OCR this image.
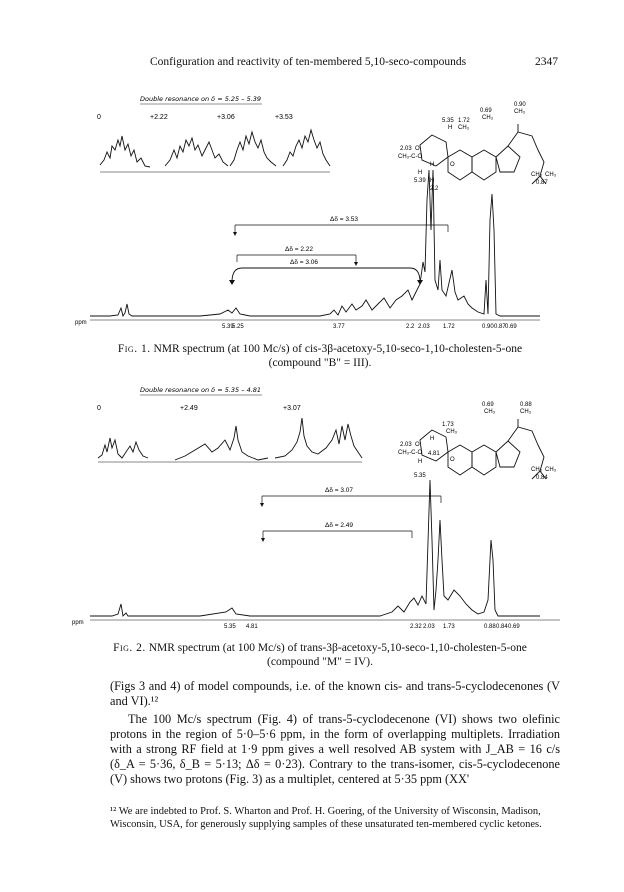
Configuration and reactivity of ten-membered 5,10-seco-compounds	2347
Double resonance on δ = 5.25 – 5.39
0	+2.22	+3.06	+3.53
Δδ = 3.53
Δδ = 2.22
Δδ = 3.06
ppm
5.39
5.25	3.77	2.2 2.03 1.72	0.90 0.87 0.69
0.69
CH₃
0.90
CH₃
5.35 1.72
H CH₃
2.03 O
CH₃-C-O
H
H
O
5.39 H
2.2
CH₃ CH₃
0.87
Double resonance on δ = 5.35 – 4.81
0	+2.49	+3.07
Δδ = 3.07
Δδ = 2.49
ppm
5.35 4.81	2.32 2.03 1.73	0.88 0.84 0.69
0.69
CH₃
0.88
CH₃
1.73
CH₃
H
2.03 O
CH₃-C-O 4.81
H
5.35
O
CH₃ CH₃
0.84
Fig. 1. NMR spectrum (at 100 Mc/s) of cis-3β-acetoxy-5,10-seco-1,10-cholesten-5-one (compound "B" = III).
Fig. 2. NMR spectrum (at 100 Mc/s) of trans-3β-acetoxy-5,10-seco-1,10-cholesten-5-one (compound "M" = IV).
(Figs 3 and 4) of model compounds, i.e. of the known cis- and trans-5-cyclodecenones (V and VI).¹²
The 100 Mc/s spectrum (Fig. 4) of trans-5-cyclodecenone (VI) shows two olefinic protons in the region of 5·0–5·6 ppm, in the form of overlapping multiplets. Irradiation with a strong RF field at 1·9 ppm gives a well resolved AB system with J_AB = 16 c/s (δ_A = 5·36, δ_B = 5·13; Δδ = 0·23). Contrary to the trans-isomer, cis-5-cyclodecenone (V) shows two protons (Fig. 3) as a multiplet, centered at 5·35 ppm (XX'
¹² We are indebted to Prof. S. Wharton and Prof. H. Goering, of the University of Wisconsin, Madison, Wisconsin, USA, for generously supplying samples of these unsaturated ten-membered cyclic ketones.
